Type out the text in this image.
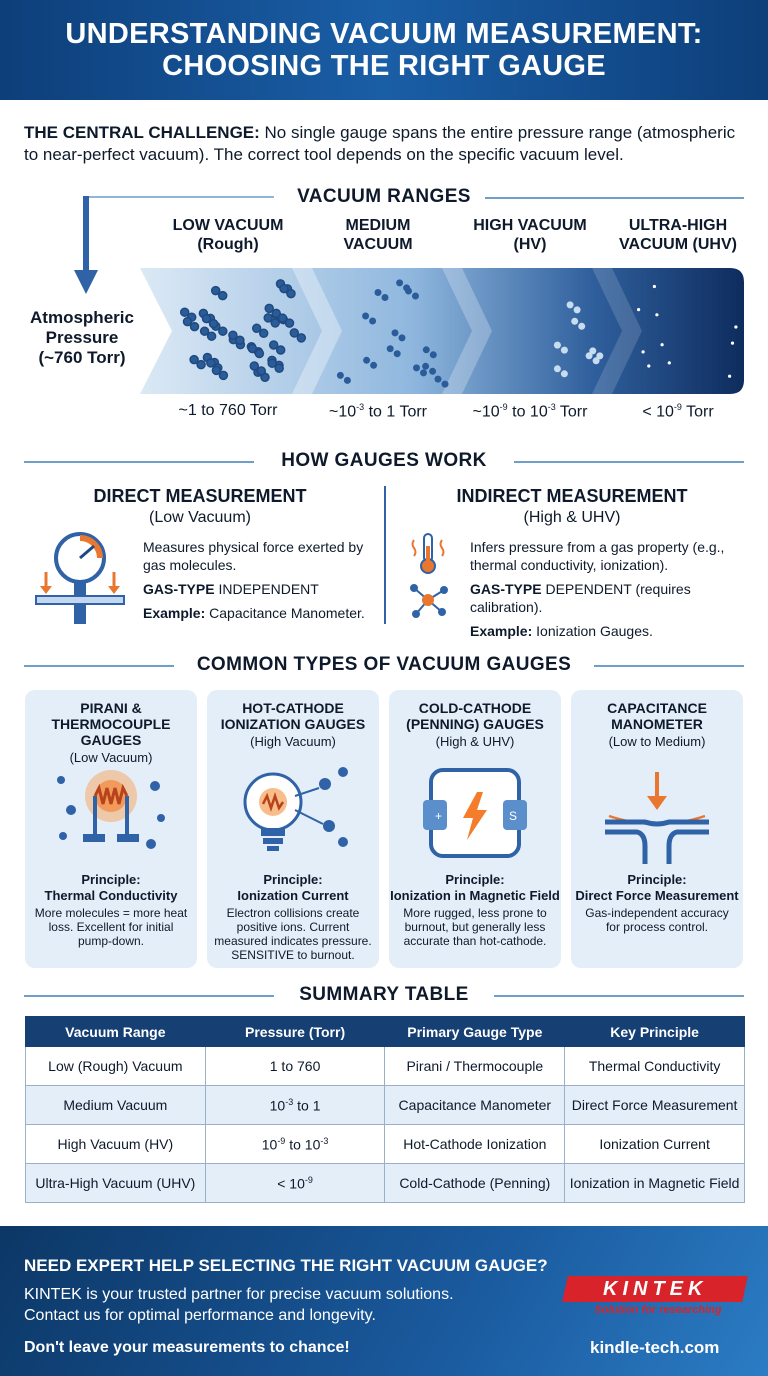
UNDERSTANDING VACUUM MEASUREMENT:
CHOOSING THE RIGHT GAUGE
THE CENTRAL CHALLENGE: No single gauge spans the entire pressure range (atmospheric to near-perfect vacuum). The correct tool depends on the specific vacuum level.
VACUUM RANGES
LOW VACUUM
(Rough)
MEDIUM
VACUUM
HIGH VACUUM
(HV)
ULTRA-HIGH
VACUUM (UHV)
Atmospheric
Pressure
(~760 Torr)
~1 to 760 Torr	$\sim 10^{-3}$ to 1 Torr	$\sim 10^{-9}$ to $10^{-3}$ Torr	< $10^{-9}$ Torr
HOW GAUGES WORK
DIRECT MEASUREMENT
(Low Vacuum)

Measures physical force exerted by gas molecules.

GAS-TYPE INDEPENDENT

Example: Capacitance Manometer.

INDIRECT MEASUREMENT
(High & UHV)

Infers pressure from a gas property (e.g., thermal conductivity, ionization).

GAS-TYPE DEPENDENT (requires calibration).

Example: Ionization Gauges.

COMMON TYPES OF VACUUM GAUGES
PIRANI &
THERMOCOUPLE
GAUGES
(Low Vacuum)
Principle:
Thermal Conductivity
More molecules = more heat loss. Excellent for initial pump-down.
HOT-CATHODE
IONIZATION GAUGES
(High Vacuum)
Principle:
Ionization Current
Electron collisions create positive ions. Current measured indicates pressure. SENSITIVE to burnout.
COLD-CATHODE
(PENNING) GAUGES
(High & UHV)
+	S
Principle:
Ionization in Magnetic Field
More rugged, less prone to burnout, but generally less accurate than hot-cathode.
CAPACITANCE
MANOMETER
(Low to Medium)
Principle:
Direct Force Measurement
Gas-independent accuracy for process control.
SUMMARY TABLE
Vacuum Range	Pressure (Torr)	Primary Gauge Type	Key Principle
Low (Rough) Vacuum	1 to 760	Pirani / Thermocouple	Thermal Conductivity
Medium Vacuum	$10^{-3}$ to 1	Capacitance Manometer	Direct Force Measurement
High Vacuum (HV)	$10^{-9}$ to $10^{-3}$	Hot-Cathode Ionization	Ionization Current
Ultra-High Vacuum (UHV)	< $10^{-9}$	Cold-Cathode (Penning)	Ionization in Magnetic Field
NEED EXPERT HELP SELECTING THE RIGHT VACUUM GAUGE?
KINTEK is your trusted partner for precise vacuum solutions.
Contact us for optimal performance and longevity.
Don't leave your measurements to chance!
KINTEK
Solution for researching
kindle-tech.com
